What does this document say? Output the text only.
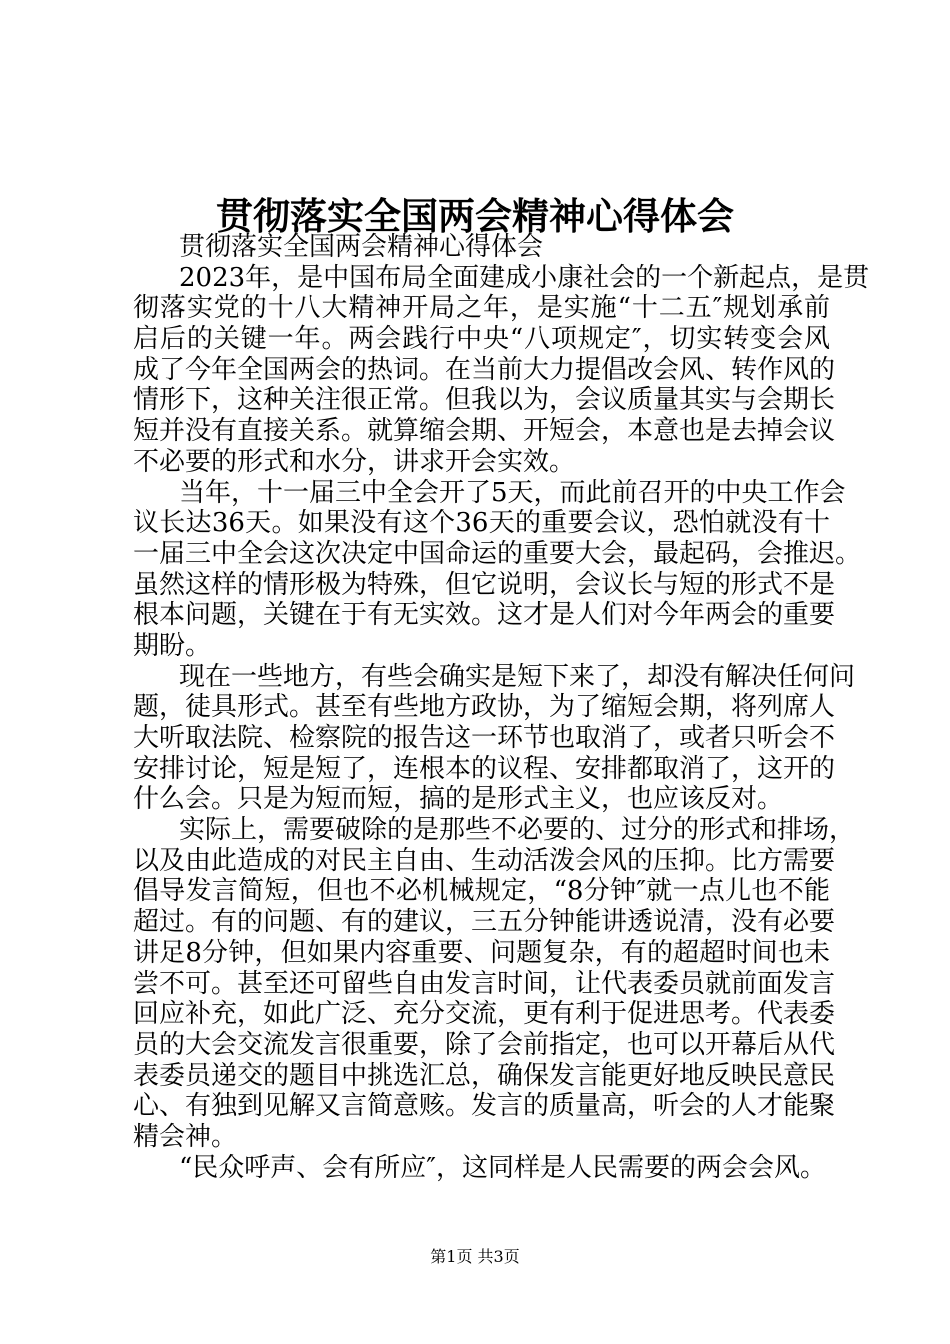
贯彻落实全国两会精神心得体会
贯彻落实全国两会精神心得体会
2023年，是中国布局全面建成小康社会的一个新起点，是贯
彻落实党的十八大精神开局之年，是实施“十二五″规划承前
启后的关键一年。两会践行中央“八项规定″，切实转变会风
成了今年全国两会的热词。在当前大力提倡改会风、转作风的
情形下，这种关注很正常。但我以为，会议质量其实与会期长
短并没有直接关系。就算缩会期、开短会，本意也是去掉会议
不必要的形式和水分，讲求开会实效。
当年，十一届三中全会开了5天，而此前召开的中央工作会
议长达36天。如果没有这个36天的重要会议，恐怕就没有十
一届三中全会这次决定中国命运的重要大会，最起码，会推迟。
虽然这样的情形极为特殊，但它说明，会议长与短的形式不是
根本问题，关键在于有无实效。这才是人们对今年两会的重要
期盼。
现在一些地方，有些会确实是短下来了，却没有解决任何问
题，徒具形式。甚至有些地方政协，为了缩短会期，将列席人
大听取法院、检察院的报告这一环节也取消了，或者只听会不
安排讨论，短是短了，连根本的议程、安排都取消了，这开的
什么会。只是为短而短，搞的是形式主义，也应该反对。
实际上，需要破除的是那些不必要的、过分的形式和排场，
以及由此造成的对民主自由、生动活泼会风的压抑。比方需要
倡导发言简短，但也不必机械规定，“8分钟″就一点儿也不能
超过。有的问题、有的建议，三五分钟能讲透说清，没有必要
讲足8分钟，但如果内容重要、问题复杂，有的超超时间也未
尝不可。甚至还可留些自由发言时间，让代表委员就前面发言
回应补充，如此广泛、充分交流，更有利于促进思考。代表委
员的大会交流发言很重要，除了会前指定，也可以开幕后从代
表委员递交的题目中挑选汇总，确保发言能更好地反映民意民
心、有独到见解又言简意赅。发言的质量高，听会的人才能聚
精会神。
“民众呼声、会有所应″，这同样是人民需要的两会会风。
第1页 共3页
